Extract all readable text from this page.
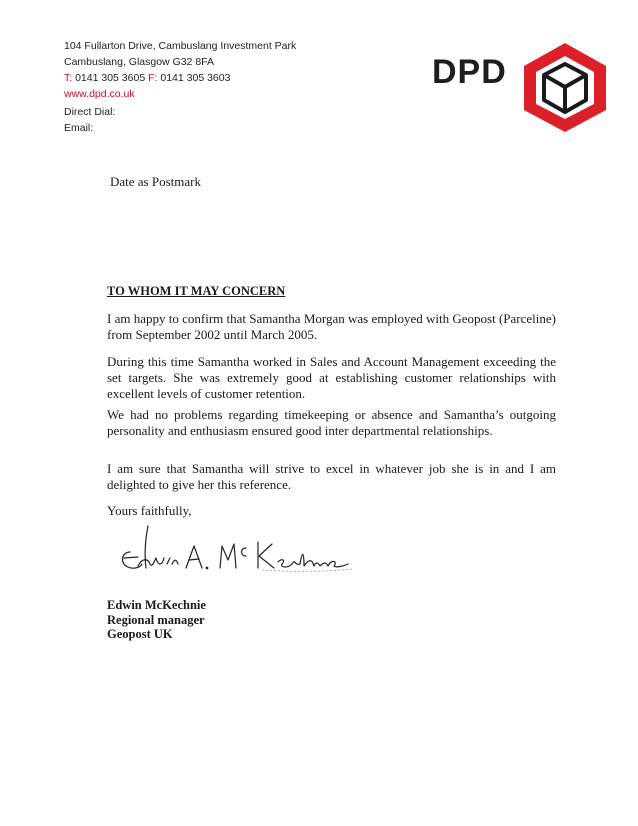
104 Fullarton Drive, Cambuslang Investment Park
Cambuslang, Glasgow G32 8FA
T: 0141 305 3605 F: 0141 305 3603
www.dpd.co.uk
Direct Dial:
Email:
DPD
Date as Postmark
TO WHOM IT MAY CONCERN

I am happy to confirm that Samantha Morgan was employed with Geopost (Parceline) from September 2002 until March 2005.

During this time Samantha worked in Sales and Account Management exceeding the set targets. She was extremely good at establishing customer relationships with excellent levels of customer retention.

We had no problems regarding timekeeping or absence and Samantha’s outgoing personality and enthusiasm ensured good inter departmental relationships.

I am sure that Samantha will strive to excel in whatever job she is in and I am delighted to give her this reference.

Yours faithfully,
Edwin A. McKechnie
Edwin McKechnie
Regional manager
Geopost UK
